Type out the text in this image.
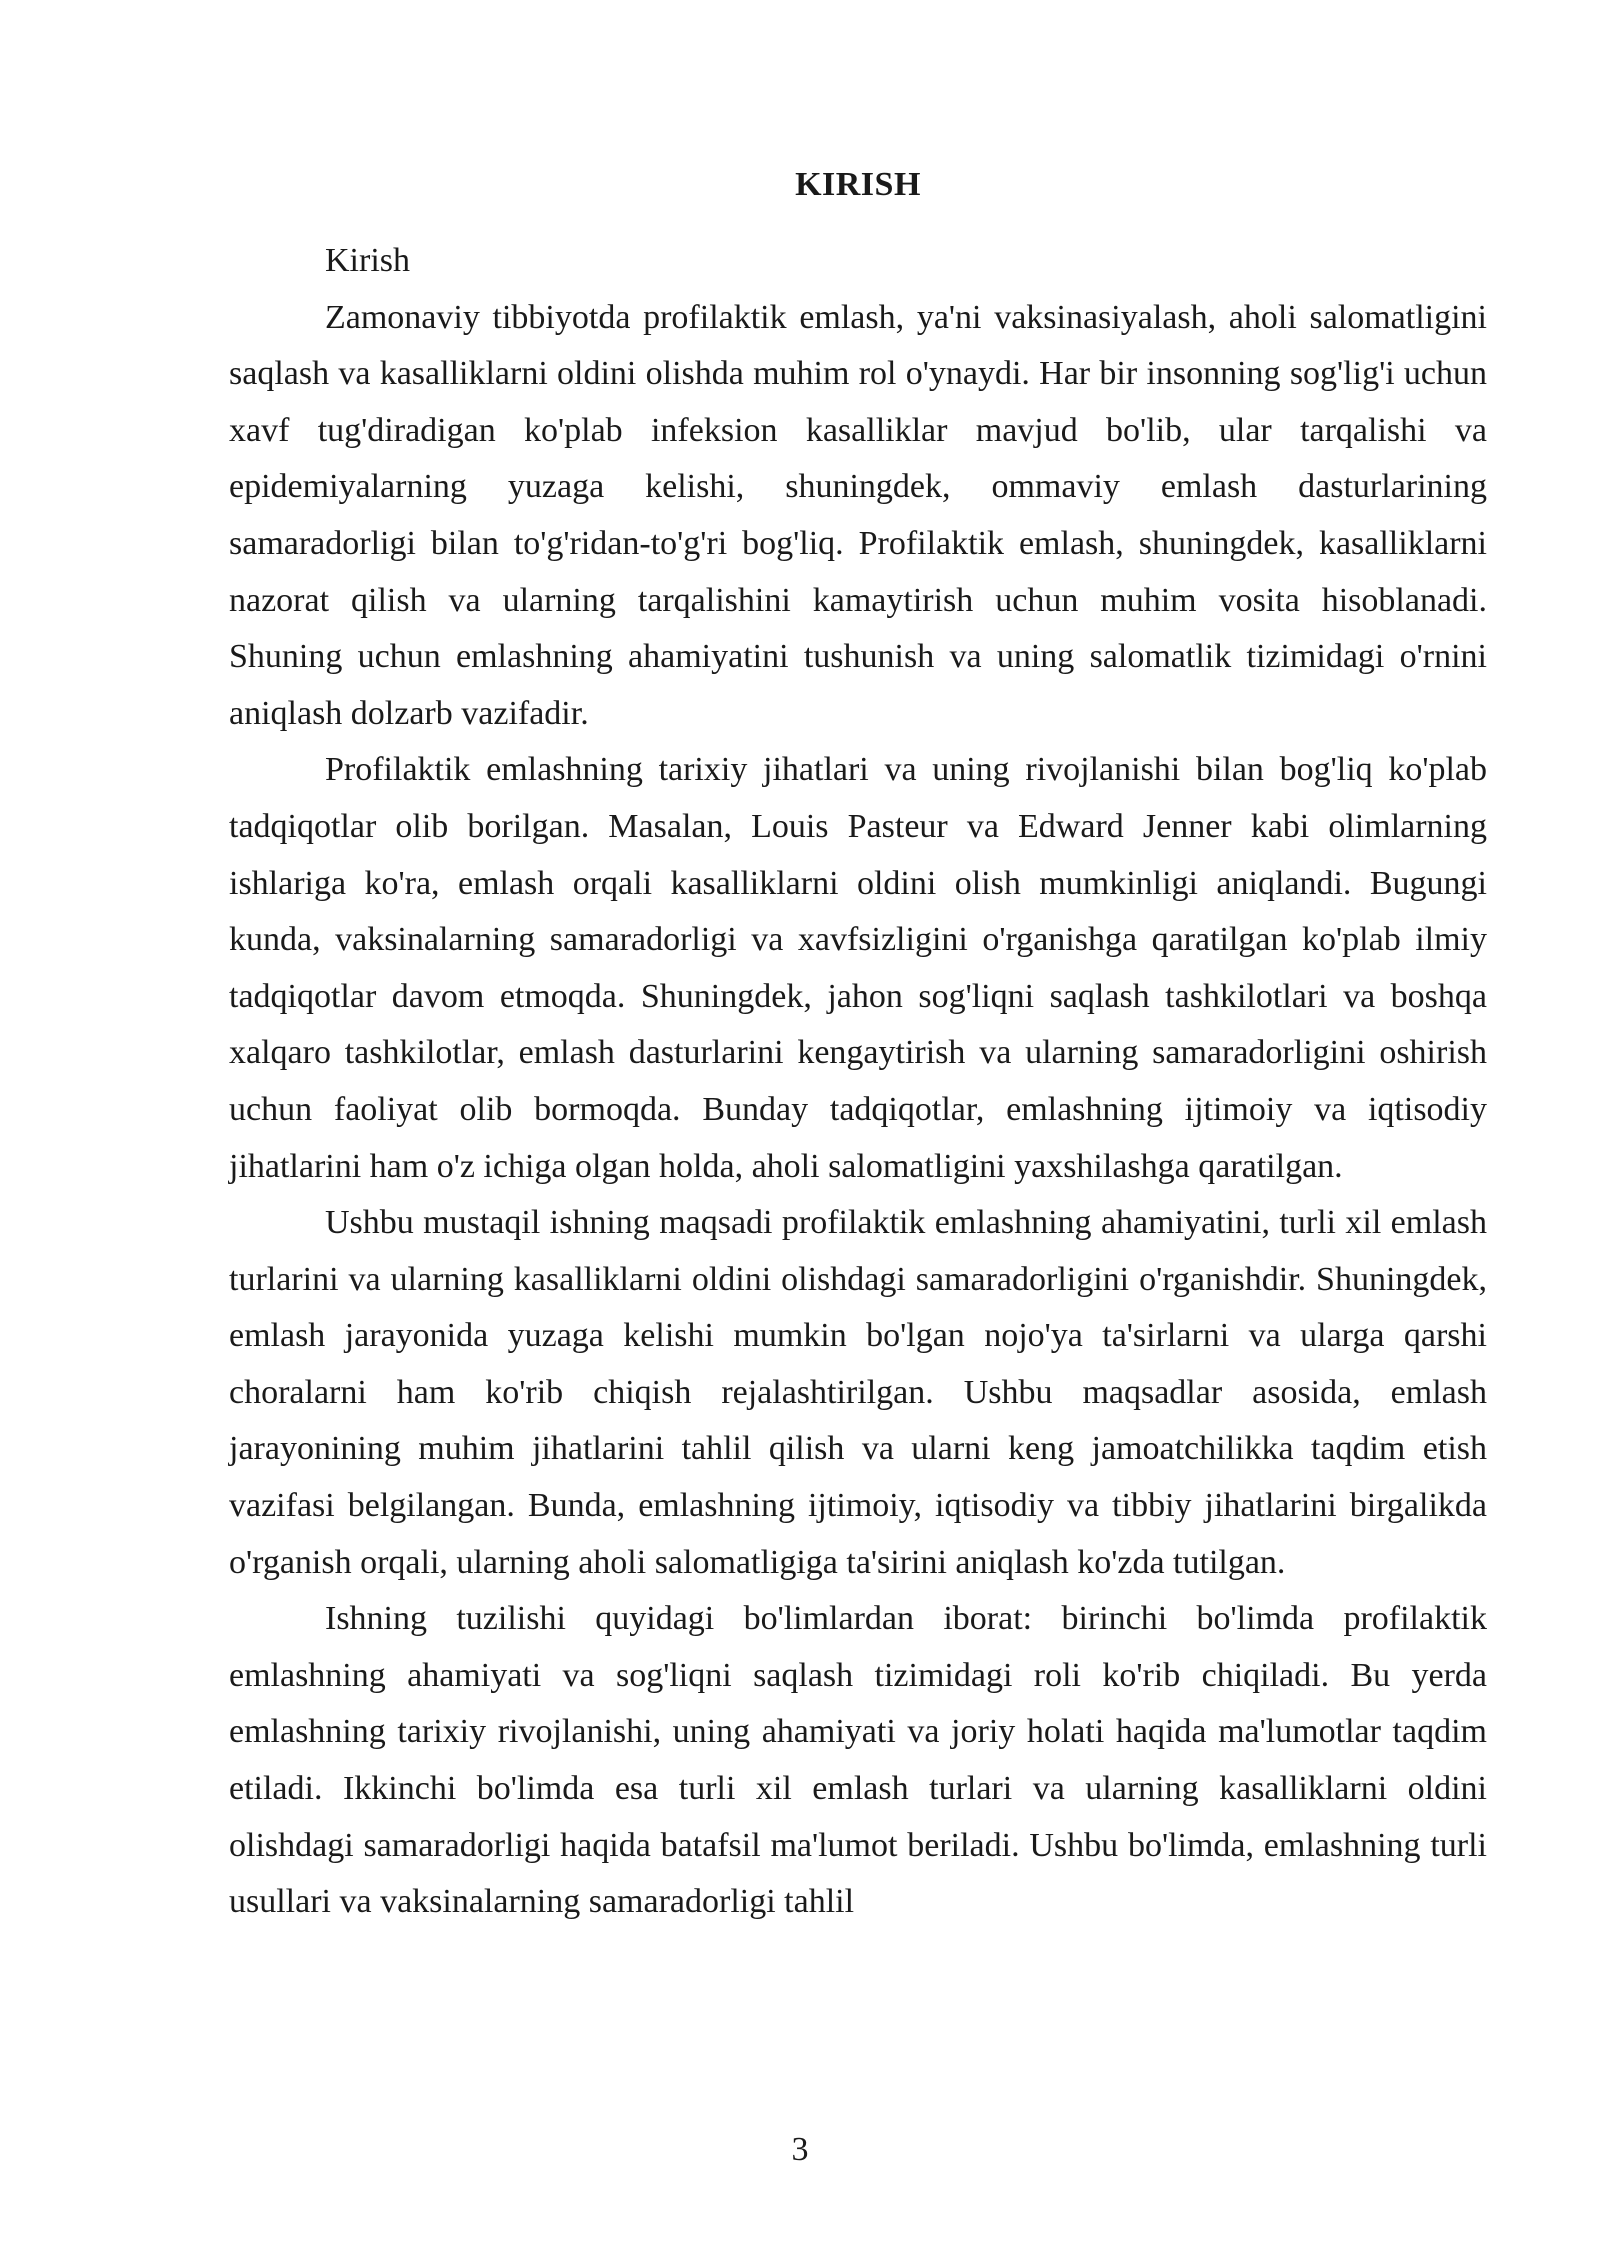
KIRISH

Kirish

Zamonaviy tibbiyotda profilaktik emlash, ya'ni vaksinasiyalash, aholi salomatligini saqlash va kasalliklarni oldini olishda muhim rol o'ynaydi. Har bir insonning sog'lig'i uchun xavf tug'diradigan ko'plab infeksion kasalliklar mavjud bo'lib, ular tarqalishi va epidemiyalarning yuzaga kelishi, shuningdek, ommaviy emlash dasturlarining samaradorligi bilan to'g'ridan-to'g'ri bog'liq. Profilaktik emlash, shuningdek, kasalliklarni nazorat qilish va ularning tarqalishini kamaytirish uchun muhim vosita hisoblanadi. Shuning uchun emlashning ahamiyatini tushunish va uning salomatlik tizimidagi o'rnini aniqlash dolzarb vazifadir.

Profilaktik emlashning tarixiy jihatlari va uning rivojlanishi bilan bog'liq ko'plab tadqiqotlar olib borilgan. Masalan, Louis Pasteur va Edward Jenner kabi olimlarning ishlariga ko'ra, emlash orqali kasalliklarni oldini olish mumkinligi aniqlandi. Bugungi kunda, vaksinalarning samaradorligi va xavfsizligini o'rganishga qaratilgan ko'plab ilmiy tadqiqotlar davom etmoqda. Shuningdek, jahon sog'liqni saqlash tashkilotlari va boshqa xalqaro tashkilotlar, emlash dasturlarini kengaytirish va ularning samaradorligini oshirish uchun faoliyat olib bormoqda. Bunday tadqiqotlar, emlashning ijtimoiy va iqtisodiy jihatlarini ham o'z ichiga olgan holda, aholi salomatligini yaxshilashga qaratilgan.

Ushbu mustaqil ishning maqsadi profilaktik emlashning ahamiyatini, turli xil emlash turlarini va ularning kasalliklarni oldini olishdagi samaradorligini o'rganishdir. Shuningdek, emlash jarayonida yuzaga kelishi mumkin bo'lgan nojo'ya ta'sirlarni va ularga qarshi choralarni ham ko'rib chiqish rejalashtirilgan. Ushbu maqsadlar asosida, emlash jarayonining muhim jihatlarini tahlil qilish va ularni keng jamoatchilikka taqdim etish vazifasi belgilangan. Bunda, emlashning ijtimoiy, iqtisodiy va tibbiy jihatlarini birgalikda o'rganish orqali, ularning aholi salomatligiga ta'sirini aniqlash ko'zda tutilgan.

Ishning tuzilishi quyidagi bo'limlardan iborat: birinchi bo'limda profilaktik emlashning ahamiyati va sog'liqni saqlash tizimidagi roli ko'rib chiqiladi. Bu yerda emlashning tarixiy rivojlanishi, uning ahamiyati va joriy holati haqida ma'lumotlar taqdim etiladi. Ikkinchi bo'limda esa turli xil emlash turlari va ularning kasalliklarni oldini olishdagi samaradorligi haqida batafsil ma'lumot beriladi. Ushbu bo'limda, emlashning turli usullari va vaksinalarning samaradorligi tahlil

3
